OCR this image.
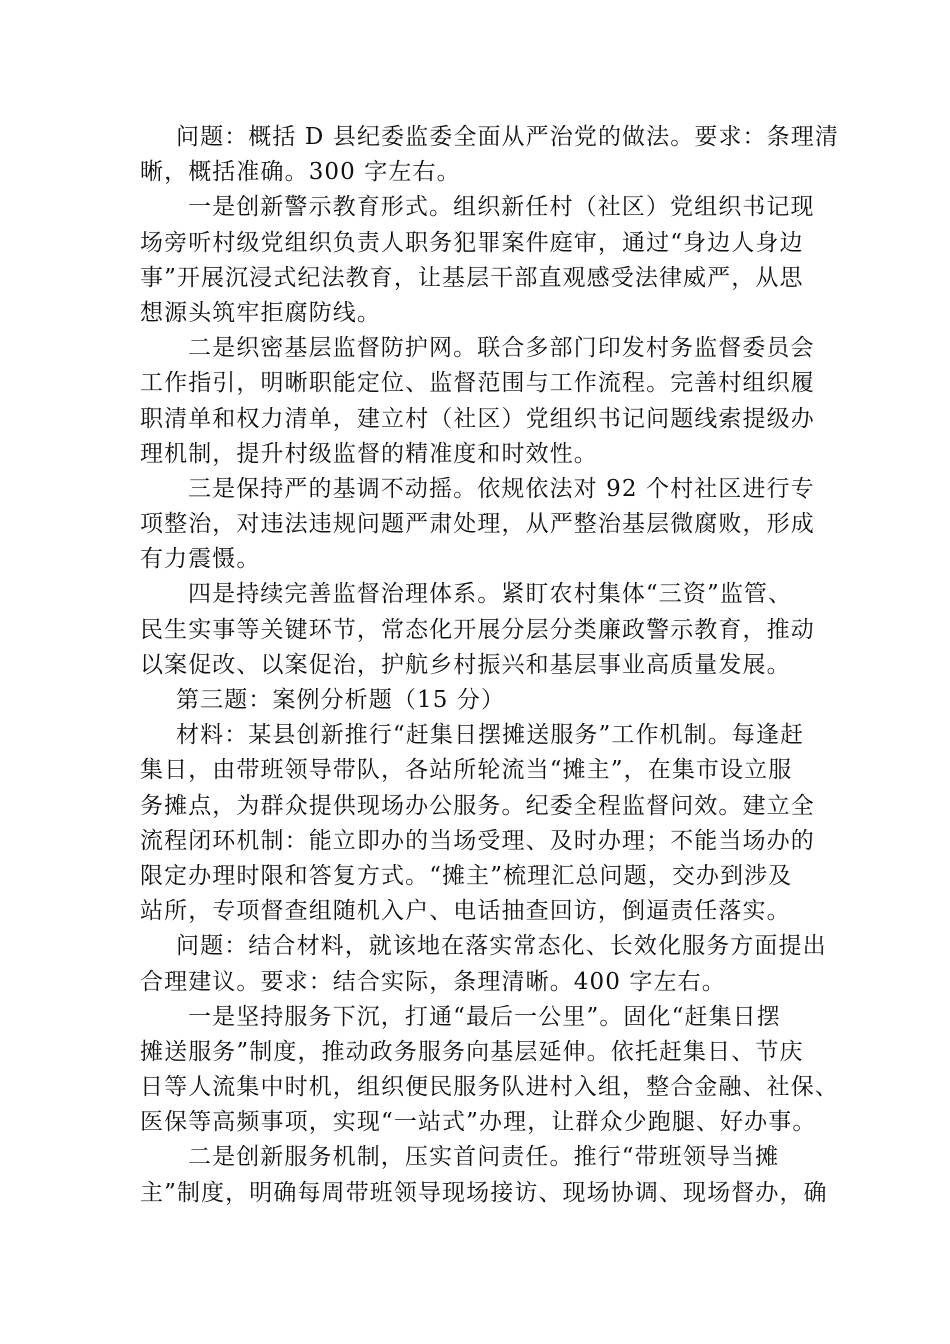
问题：概括 D 县纪委监委全面从严治党的做法。要求：条理清
晰，概括准确。300 字左右。
一是创新警示教育形式。组织新任村（社区）党组织书记现
场旁听村级党组织负责人职务犯罪案件庭审，通过“身边人身边
事”开展沉浸式纪法教育，让基层干部直观感受法律威严，从思
想源头筑牢拒腐防线。
二是织密基层监督防护网。联合多部门印发村务监督委员会
工作指引，明晰职能定位、监督范围与工作流程。完善村组织履
职清单和权力清单，建立村（社区）党组织书记问题线索提级办
理机制，提升村级监督的精准度和时效性。
三是保持严的基调不动摇。依规依法对 92 个村社区进行专
项整治，对违法违规问题严肃处理，从严整治基层微腐败，形成
有力震慑。
四是持续完善监督治理体系。紧盯农村集体“三资”监管、
民生实事等关键环节，常态化开展分层分类廉政警示教育，推动
以案促改、以案促治，护航乡村振兴和基层事业高质量发展。
第三题：案例分析题（15 分）
材料：某县创新推行“赶集日摆摊送服务”工作机制。每逢赶
集日，由带班领导带队，各站所轮流当“摊主”，在集市设立服
务摊点，为群众提供现场办公服务。纪委全程监督问效。建立全
流程闭环机制：能立即办的当场受理、及时办理；不能当场办的
限定办理时限和答复方式。“摊主”梳理汇总问题，交办到涉及
站所，专项督查组随机入户、电话抽查回访，倒逼责任落实。
问题：结合材料，就该地在落实常态化、长效化服务方面提出
合理建议。要求：结合实际，条理清晰。400 字左右。
一是坚持服务下沉，打通“最后一公里”。固化“赶集日摆
摊送服务”制度，推动政务服务向基层延伸。依托赶集日、节庆
日等人流集中时机，组织便民服务队进村入组，整合金融、社保、
医保等高频事项，实现“一站式”办理，让群众少跑腿、好办事。
二是创新服务机制，压实首问责任。推行“带班领导当摊
主”制度，明确每周带班领导现场接访、现场协调、现场督办，确
